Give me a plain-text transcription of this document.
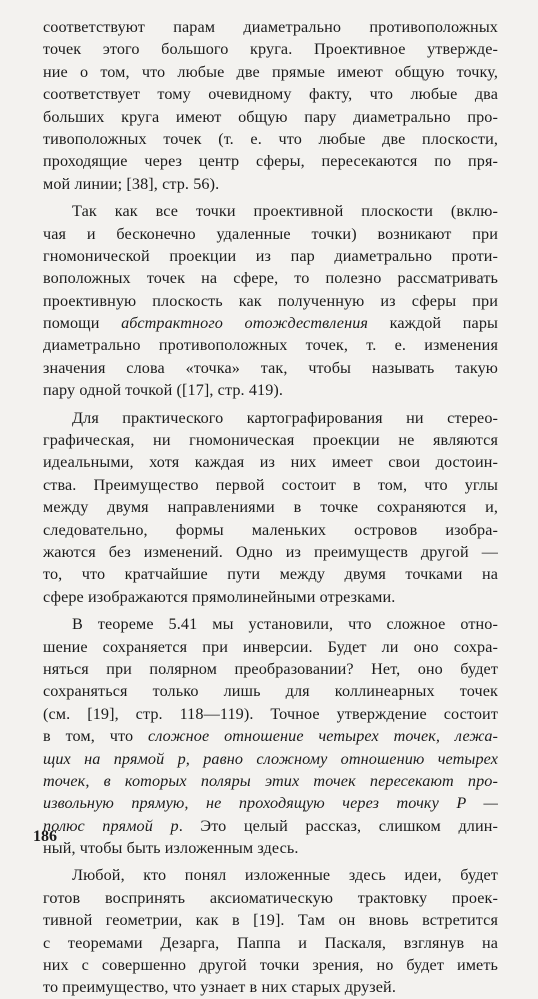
соответствуют парам диаметрально противоположных
точек этого большого круга. Проективное утвержде-
ние о том, что любые две прямые имеют общую точку,
соответствует тому очевидному факту, что любые два
больших круга имеют общую пару диаметрально про-
тивоположных точек (т. е. что любые две плоскости,
проходящие через центр сферы, пересекаются по пря-
мой линии; [38], стр. 56).
Так как все точки проективной плоскости (вклю-
чая и бесконечно удаленные точки) возникают при
гномонической проекции из пар диаметрально проти-
воположных точек на сфере, то полезно рассматривать
проективную плоскость как полученную из сферы при
помощи абстрактного отождествления каждой пары
диаметрально противоположных точек, т. е. изменения
значения слова «точка» так, чтобы называть такую
пару одной точкой ([17], стр. 419).
Для практического картографирования ни стерео-
графическая, ни гномоническая проекции не являются
идеальными, хотя каждая из них имеет свои достоин-
ства. Преимущество первой состоит в том, что углы
между двумя направлениями в точке сохраняются и,
следовательно, формы маленьких островов изобра-
жаются без изменений. Одно из преимуществ другой —
то, что кратчайшие пути между двумя точками на
сфере изображаются прямолинейными отрезками.
В теореме 5.41 мы установили, что сложное отно-
шение сохраняется при инверсии. Будет ли оно сохра-
няться при полярном преобразовании? Нет, оно будет
сохраняться только лишь для коллинеарных точек
(см. [19], стр. 118—119). Точное утверждение состоит
в том, что сложное отношение четырех точек, лежа-
щих на прямой p, равно сложному отношению четырех
точек, в которых поляры этих точек пересекают про-
извольную прямую, не проходящую через точку P —
полюс прямой p. Это целый рассказ, слишком длин-
ный, чтобы быть изложенным здесь.
Любой, кто понял изложенные здесь идеи, будет
готов воспринять аксиоматическую трактовку проек-
тивной геометрии, как в [19]. Там он вновь встретится
с теоремами Дезарга, Паппа и Паскаля, взглянув на
них с совершенно другой точки зрения, но будет иметь
то преимущество, что узнает в них старых друзей.
186
